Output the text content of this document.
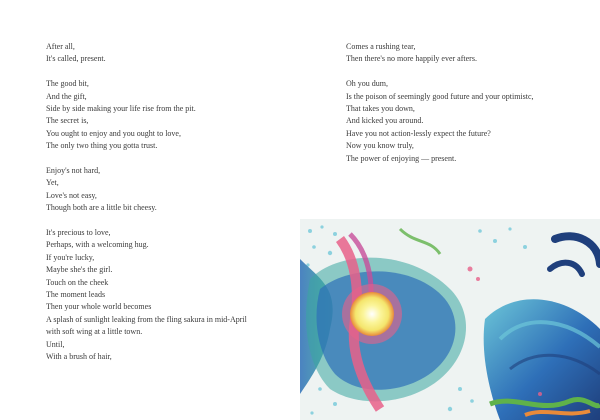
After all,
It's called, present.
The good bit,
And the gift,
Side by side making your life rise from the pit.
The secret is,
You ought to enjoy and you ought to love,
The only two thing you gotta trust.
Enjoy's not hard,
Yet,
Love's not easy,
Though both are a little bit cheesy.
It's precious to love,
Perhaps, with a welcoming hug.
If you're lucky,
Maybe she's the girl.
Touch on the cheek
The moment leads
Then your whole world becomes
A splash of sunlight leaking from the fling sakura in mid-April
with soft wing at a little town.
Until,
With a brush of hair,
Comes a rushing tear,
Then there's no more happily ever afters.
Oh you dum,
Is the poison of seemingly good future and your optimistc,
That takes you down,
And kicked you around.
Have you not action-lessly expect the future?
Now you know truly,
The power of enjoying — present.
